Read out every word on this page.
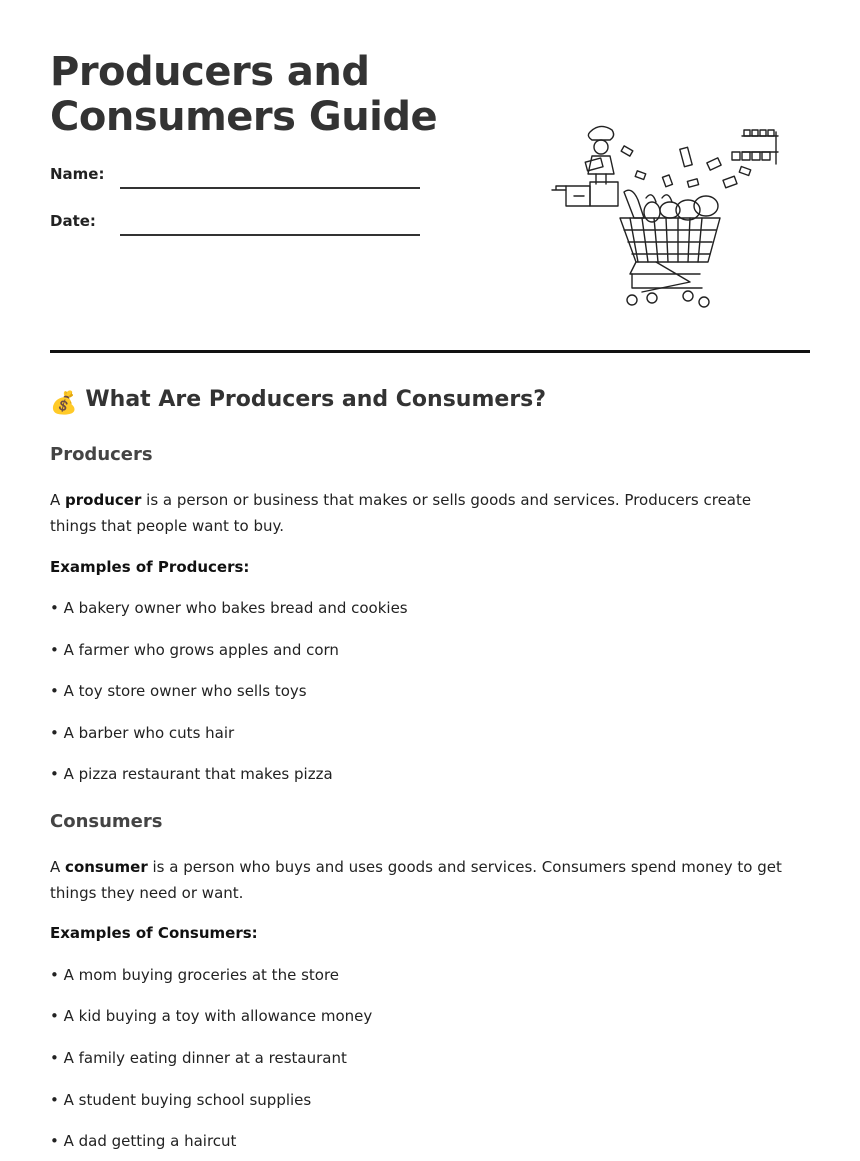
Producers and Consumers Guide
Name:
Date:
💰 What Are Producers and Consumers?
Producers

A producer is a person or business that makes or sells goods and services. Producers create things that people want to buy.

Examples of Producers:
• A bakery owner who bakes bread and cookies
• A farmer who grows apples and corn
• A toy store owner who sells toys
• A barber who cuts hair
• A pizza restaurant that makes pizza
Consumers

A consumer is a person who buys and uses goods and services. Consumers spend money to get things they need or want.

Examples of Consumers:
• A mom buying groceries at the store
• A kid buying a toy with allowance money
• A family eating dinner at a restaurant
• A student buying school supplies
• A dad getting a haircut
